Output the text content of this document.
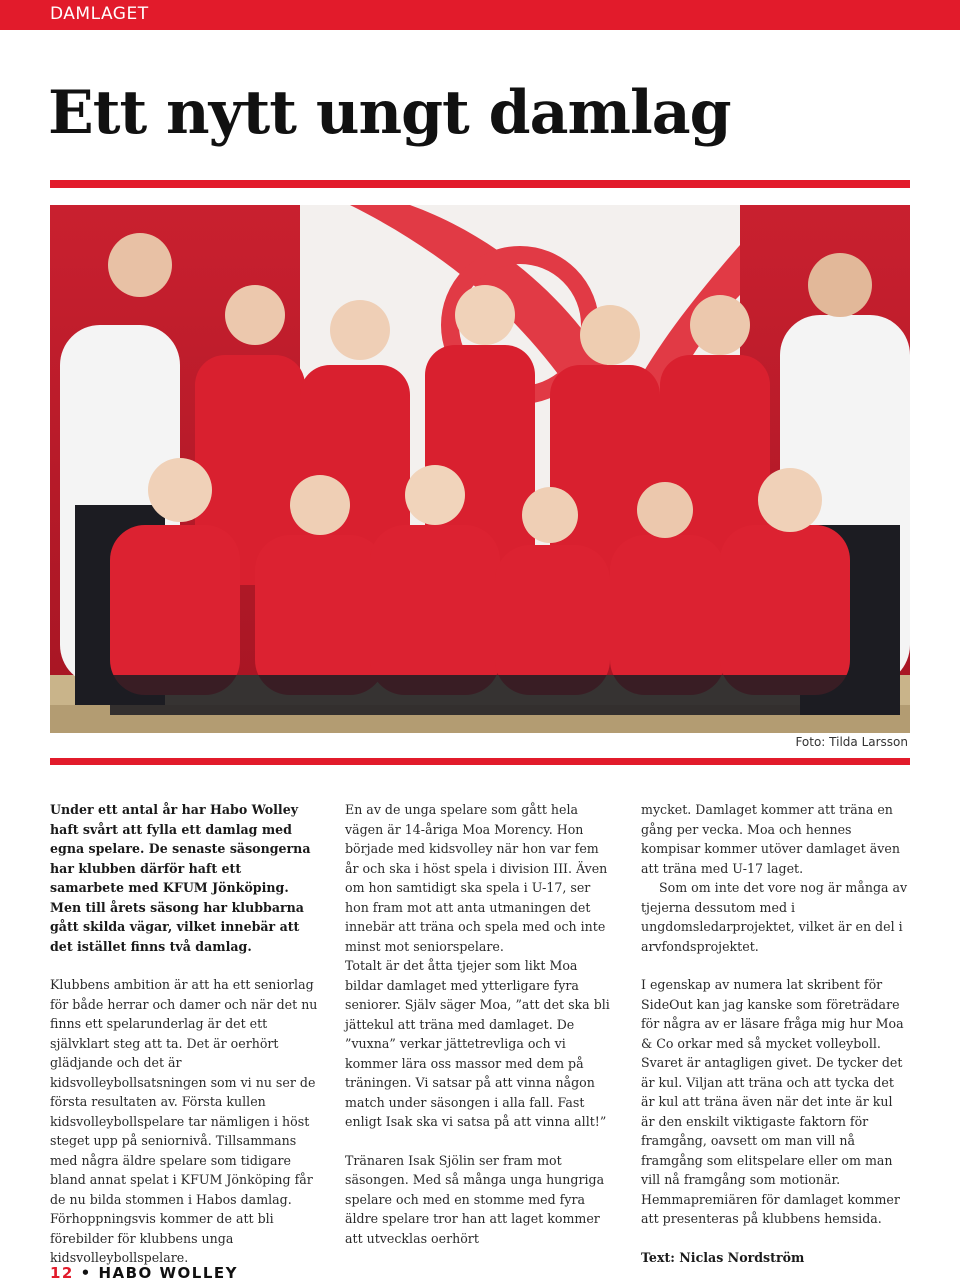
DAMLAGET
Ett nytt ungt damlag
Foto: Tilda Larsson

Under ett antal år har Habo Wolley haft svårt att fylla ett damlag med egna spelare. De senaste säsongerna har klubben därför haft ett samarbete med KFUM Jönköping. Men till årets säsong har klubbarna gått skilda vägar, vilket innebär att det istället finns två damlag.

Klubbens ambition är att ha ett seniorlag för både herrar och damer och när det nu finns ett spelarunderlag är det ett självklart steg att ta. Det är oerhört glädjande och det är kidsvolleybollsatsningen som vi nu ser de första resultaten av. Första kullen kidsvolleybollspelare tar nämligen i höst steget upp på seniornivå. Tillsammans med några äldre spelare som tidigare bland annat spelat i KFUM Jönköping får de nu bilda stommen i Habos damlag. Förhoppningsvis kommer de att bli förebilder för klubbens unga kidsvolleybollspelare.

En av de unga spelare som gått hela vägen är 14-åriga Moa Morency. Hon började med kidsvolley när hon var fem år och ska i höst spela i division III. Även om hon samtidigt ska spela i U-17, ser hon fram mot att anta utmaningen det innebär att träna och spela med och inte minst mot seniorspelare.

Totalt är det åtta tjejer som likt Moa bildar damlaget med ytterligare fyra seniorer. Själv säger Moa, ”att det ska bli jättekul att träna med damlaget. De ”vuxna” verkar jättetrevliga och vi kommer lära oss massor med dem på träningen. Vi satsar på att vinna någon match under säsongen i alla fall. Fast enligt Isak ska vi satsa på att vinna allt!”

Tränaren Isak Sjölin ser fram mot säsongen. Med så många unga hungriga spelare och med en stomme med fyra äldre spelare tror han att laget kommer att utvecklas oerhört

mycket. Damlaget kommer att träna en gång per vecka. Moa och hennes kompisar kommer utöver damlaget även att träna med U-17 laget.

Som om inte det vore nog är många av tjejerna dessutom med i ungdomsledarprojektet, vilket är en del i arvfondsprojektet.

I egenskap av numera lat skribent för SideOut kan jag kanske som företrädare för några av er läsare fråga mig hur Moa & Co orkar med så mycket volleyboll. Svaret är antagligen givet. De tycker det är kul. Viljan att träna och att tycka det är kul att träna även när det inte är kul är den enskilt viktigaste faktorn för framgång, oavsett om man vill nå framgång som elitspelare eller om man vill nå framgång som motionär.

Hemmapremiären för damlaget kommer att presenteras på klubbens hemsida.

Text: Niclas Nordström

12 • HABO WOLLEY
